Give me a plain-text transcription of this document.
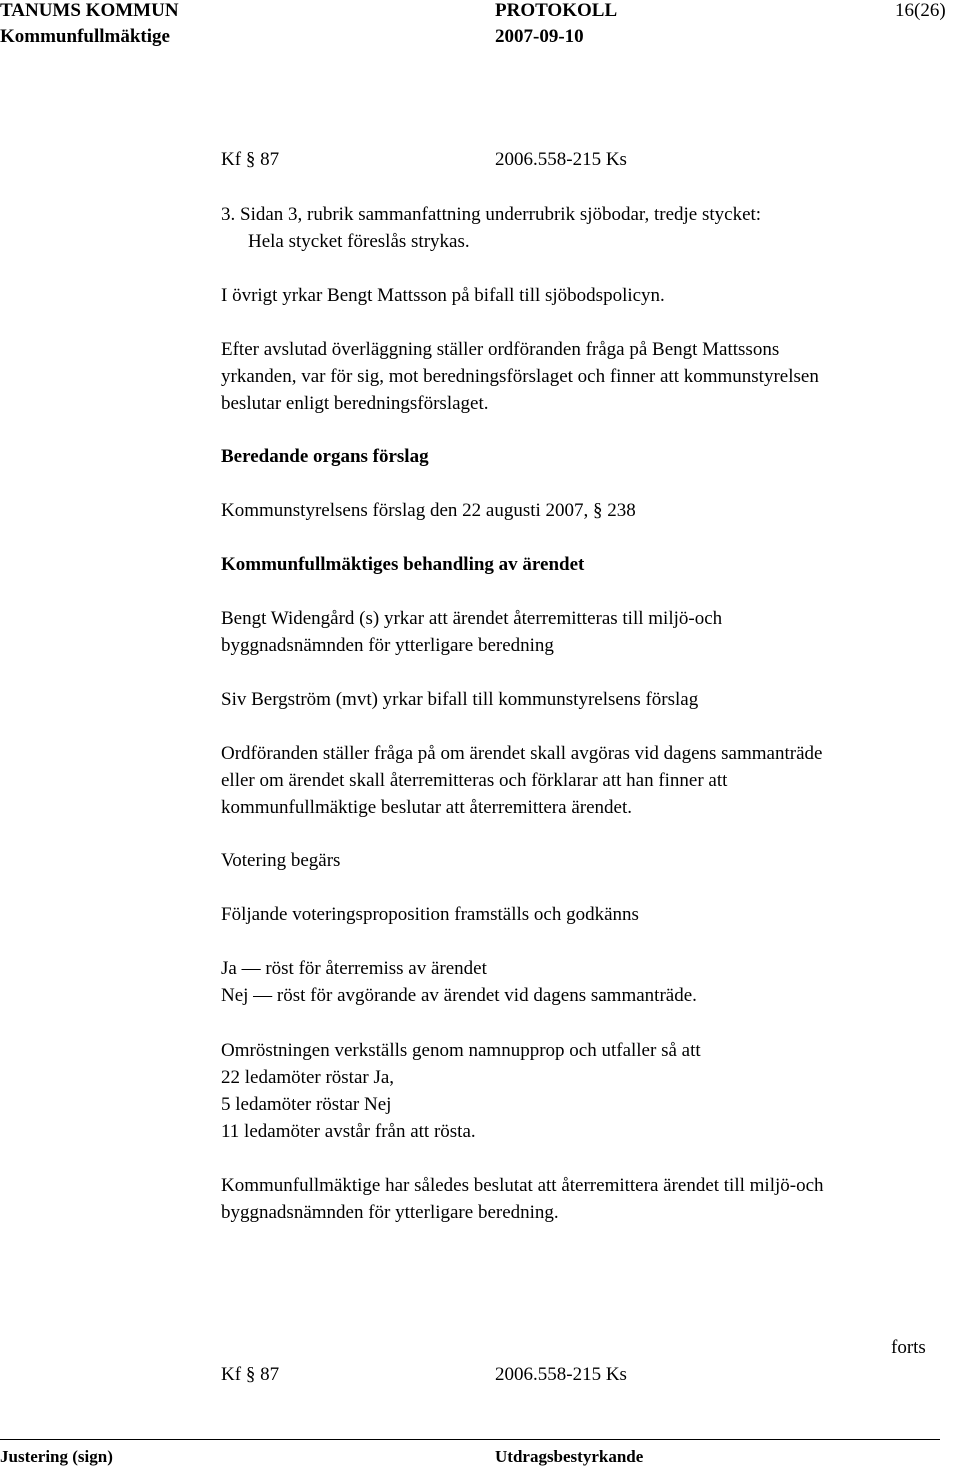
TANUMS KOMMUN	PROTOKOLL	16(26)
Kommunfullmäktige	2007-09-10
Kf § 87	2006.558-215 Ks
3. Sidan 3, rubrik sammanfattning underrubrik sjöbodar, tredje stycket:
Hela stycket föreslås strykas.
I övrigt yrkar Bengt Mattsson på bifall till sjöbodspolicyn.
Efter avslutad överläggning ställer ordföranden fråga på Bengt Mattssons
yrkanden, var för sig, mot beredningsförslaget och finner att kommunstyrelsen
beslutar enligt beredningsförslaget.
Beredande organs förslag
Kommunstyrelsens förslag den 22 augusti 2007, § 238
Kommunfullmäktiges behandling av ärendet
Bengt Widengård (s) yrkar att ärendet återremitteras till miljö-och
byggnadsnämnden för ytterligare beredning
Siv Bergström (mvt) yrkar bifall till kommunstyrelsens förslag
Ordföranden ställer fråga på om ärendet skall avgöras vid dagens sammanträde
eller om ärendet skall återremitteras och förklarar att han finner att
kommunfullmäktige beslutar att återremittera ärendet.
Votering begärs
Följande voteringsproposition framställs och godkänns
Ja — röst för återremiss av ärendet
Nej — röst för avgörande av ärendet vid dagens sammanträde.
Omröstningen verkställs genom namnupprop och utfaller så att
22 ledamöter röstar Ja,
5 ledamöter röstar Nej
11 ledamöter avstår från att rösta.
Kommunfullmäktige har således beslutat att återremittera ärendet till miljö-och
byggnadsnämnden för ytterligare beredning.
forts
Kf § 87	2006.558-215 Ks
Justering (sign)	Utdragsbestyrkande
